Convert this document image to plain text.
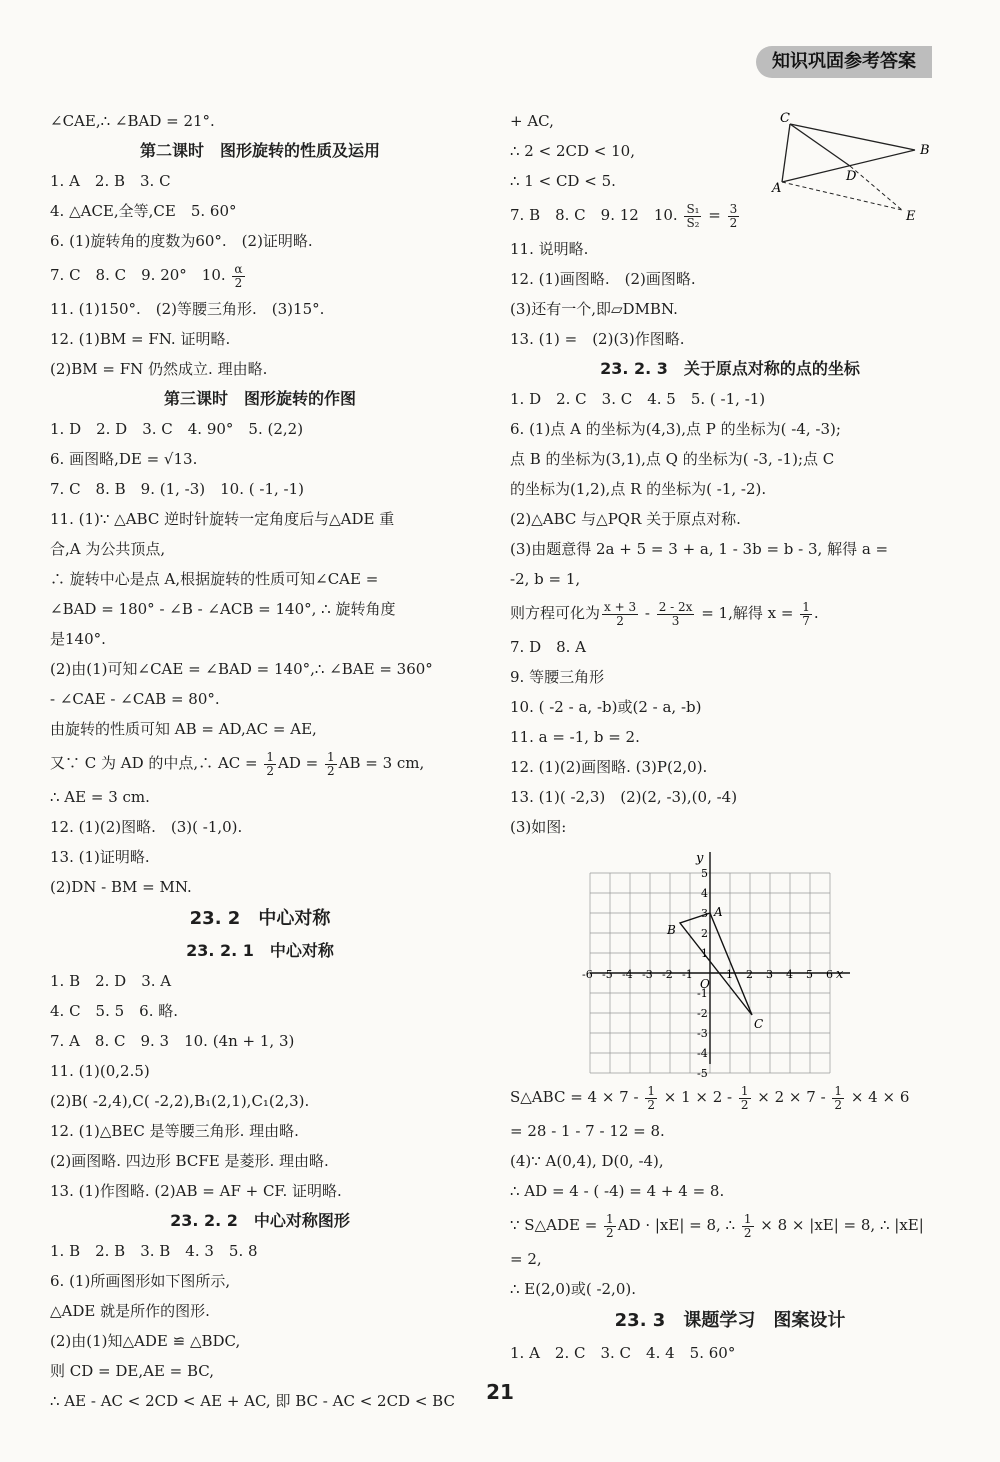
知识巩固参考答案
∠CAE,∴ ∠BAD = 21°.
第二课时　图形旋转的性质及运用
1. A　2. B　3. C
4. △ACE,全等,CE　5. 60°
6. (1)旋转角的度数为60°.　(2)证明略.
7. C　8. C　9. 20°　10. $\frac{\alpha}{2}$
11. (1)150°.　(2)等腰三角形.　(3)15°.
12. (1)BM = FN. 证明略.
(2)BM = FN 仍然成立. 理由略.
第三课时　图形旋转的作图
1. D　2. D　3. C　4. 90°　5. (2,2)
6. 画图略,DE = √13.
7. C　8. B　9. (1, -3)　10. ( -1, -1)
11. (1)∵ △ABC 逆时针旋转一定角度后与△ADE 重
合,A 为公共顶点,
∴ 旋转中心是点 A,根据旋转的性质可知∠CAE =
∠BAD = 180° - ∠B - ∠ACB = 140°, ∴ 旋转角度
是140°.
(2)由(1)可知∠CAE = ∠BAD = 140°,∴ ∠BAE = 360°
- ∠CAE - ∠CAB = 80°.
由旋转的性质可知 AB = AD,AC = AE,
又∵ C 为 AD 的中点,∴ AC = $\frac{1}{2}$ AD = $\frac{1}{2}$ AB = 3 cm,
∴ AE = 3 cm.
12. (1)(2)图略.　(3)( -1,0).
13. (1)证明略.
(2)DN - BM = MN.
23. 2　中心对称
23. 2. 1　中心对称
1. B　2. D　3. A
4. C　5. 5　6. 略.
7. A　8. C　9. 3　10. (4n + 1, 3)
11. (1)(0,2.5)
(2)B( -2,4),C( -2,2),B₁(2,1),C₁(2,3).
12. (1)△BEC 是等腰三角形. 理由略.
(2)画图略. 四边形 BCFE 是菱形. 理由略.
13. (1)作图略. (2)AB = AF + CF. 证明略.
23. 2. 2　中心对称图形
1. B　2. B　3. B　4. 3　5. 8
6. (1)所画图形如下图所示,
△ADE 就是所作的图形.
(2)由(1)知△ADE ≌ △BDC,
则 CD = DE,AE = BC,
∴ AE - AC < 2CD < AE + AC, 即 BC - AC < 2CD < BC
+ AC,
∴ 2 < 2CD < 10,
∴ 1 < CD < 5.
7. B　8. C　9. 12　10. $\frac{\text{S₁}}{\text{S₂}} = \frac{3}{2}$
11. 说明略.
12. (1)画图略.　(2)画图略.
(3)还有一个,即▱DMBN.
13. (1) =　(2)(3)作图略.
23. 2. 3　关于原点对称的点的坐标
1. D　2. C　3. C　4. 5　5. ( -1, -1)
6. (1)点 A 的坐标为(4,3),点 P 的坐标为( -4, -3);
点 B 的坐标为(3,1),点 Q 的坐标为( -3, -1);点 C
的坐标为(1,2),点 R 的坐标为( -1, -2).
(2)△ABC 与△PQR 关于原点对称.
(3)由题意得 2a + 5 = 3 + a, 1 - 3b = b - 3, 解得 a =
-2, b = 1,
则方程可化为 $\frac{x + 3}{2} - \frac{2 - 2x}{3} = 1$,解得 $x = \frac{1}{7}$ .
7. D　8. A
9. 等腰三角形
10. ( -2 - a, -b)或(2 - a, -b)
11. a = -1, b = 2.
12. (1)(2)画图略. (3)P(2,0).
13. (1)( -2,3)　(2)(2, -3),(0, -4)
(3)如图:
S△ABC = $4 \times 7 - \frac{1}{2} \times 1 \times 2 - \frac{1}{2} \times 2 \times 7 - \frac{1}{2} \times 4 \times 6$
= 28 - 1 - 7 - 12 = 8.
(4)∵ A(0,4), D(0, -4),
∴ AD = 4 - ( -4) = 4 + 4 = 8.
∵ S△ADE = $\frac{1}{2}$ AD · |xE| = 8, ∴ $\frac{1}{2} \times 8 \times |xE| = 8$, ∴ |xE|
= 2,
∴ E(2,0)或( -2,0).
23. 3　课题学习　图案设计
1. A　2. C　3. C　4. 4　5. 60°
C
B
D
A
E
-6 -5 -4 -3 -2 -1	1 2 3 4 5 6
5
4
3
2
1
-1
-2
-3
-4
-5
x
y
O
A
B
C
21
